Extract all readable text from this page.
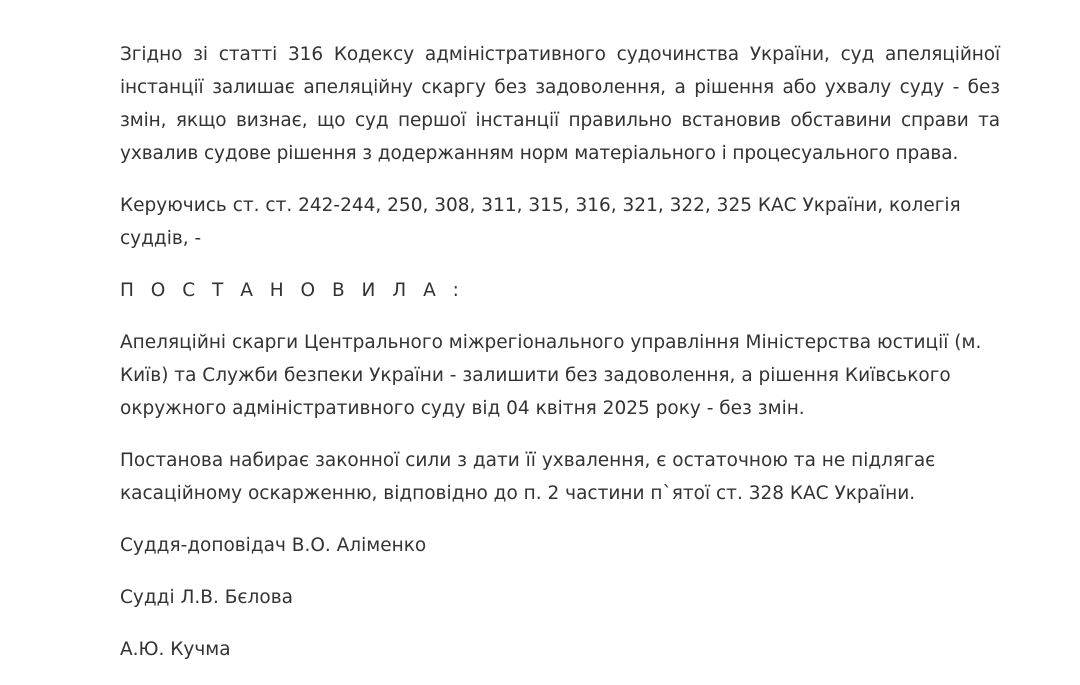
Згідно зі статті 316 Кодексу адміністративного судочинства України, суд апеляційної інстанції залишає апеляційну скаргу без задоволення, а рішення або ухвалу суду - без змін, якщо визнає, що суд першої інстанції правильно встановив обставини справи та ухвалив судове рішення з додержанням норм матеріального і процесуального права.

Керуючись ст. ст. 242-244, 250, 308, 311, 315, 316, 321, 322, 325 КАС України, колегія суддів, -

П О С Т А Н О В И Л А :

Апеляційні скарги Центрального міжрегіонального управління Міністерства юстиції (м. Київ) та Служби безпеки України - залишити без задоволення, а рішення Київського окружного адміністративного суду від 04 квітня 2025 року - без змін.

Постанова набирає законної сили з дати її ухвалення, є остаточною та не підлягає касаційному оскарженню, відповідно до п. 2 частини п`ятої ст. 328 КАС України.

Суддя-доповідач В.О. Аліменко

Судді Л.В. Бєлова

А.Ю. Кучма
